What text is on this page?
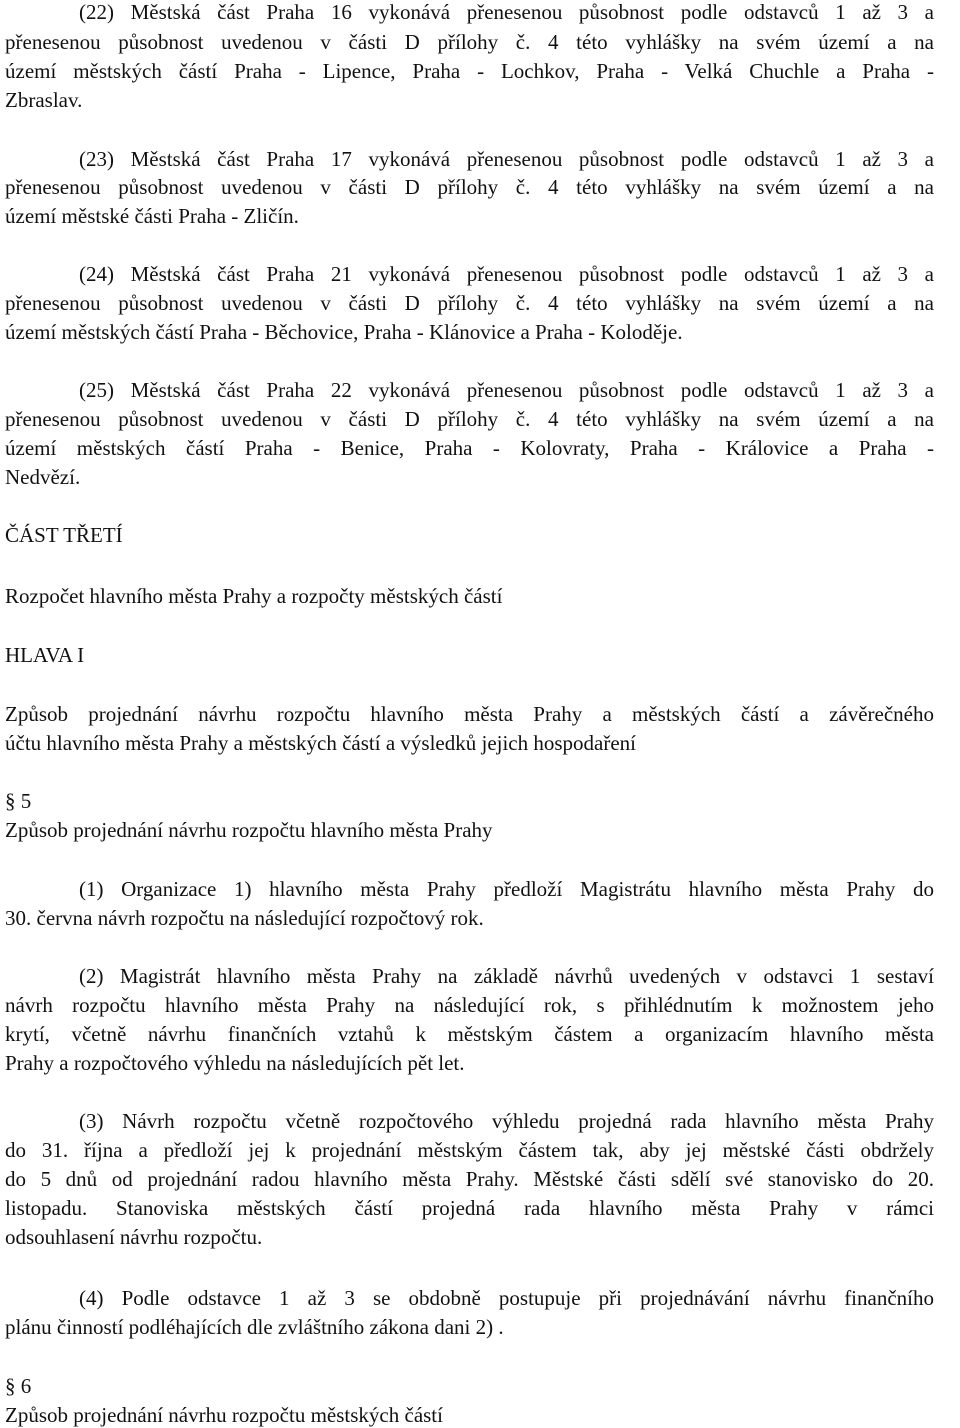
(22) Městská část Praha 16 vykonává přenesenou působnost podle odstavců 1 až 3 a
přenesenou působnost uvedenou v části D přílohy č. 4 této vyhlášky na svém území a na
území městských částí Praha - Lipence, Praha - Lochkov, Praha - Velká Chuchle a Praha -
Zbraslav.
(23) Městská část Praha 17 vykonává přenesenou působnost podle odstavců 1 až 3 a
přenesenou působnost uvedenou v části D přílohy č. 4 této vyhlášky na svém území a na
území městské části Praha - Zličín.
(24) Městská část Praha 21 vykonává přenesenou působnost podle odstavců 1 až 3 a
přenesenou působnost uvedenou v části D přílohy č. 4 této vyhlášky na svém území a na
území městských částí Praha - Běchovice, Praha - Klánovice a Praha - Koloděje.
(25) Městská část Praha 22 vykonává přenesenou působnost podle odstavců 1 až 3 a
přenesenou působnost uvedenou v části D přílohy č. 4 této vyhlášky na svém území a na
území městských částí Praha - Benice, Praha - Kolovraty, Praha - Královice a Praha -
Nedvězí.
ČÁST TŘETÍ
Rozpočet hlavního města Prahy a rozpočty městských částí
HLAVA I
Způsob projednání návrhu rozpočtu hlavního města Prahy a městských částí a závěrečného
účtu hlavního města Prahy a městských částí a výsledků jejich hospodaření
§ 5
Způsob projednání návrhu rozpočtu hlavního města Prahy
(1) Organizace 1) hlavního města Prahy předloží Magistrátu hlavního města Prahy do
30. června návrh rozpočtu na následující rozpočtový rok.
(2) Magistrát hlavního města Prahy na základě návrhů uvedených v odstavci 1 sestaví
návrh rozpočtu hlavního města Prahy na následující rok, s přihlédnutím k možnostem jeho
krytí, včetně návrhu finančních vztahů k městským částem a organizacím hlavního města
Prahy a rozpočtového výhledu na následujících pět let.
(3) Návrh rozpočtu včetně rozpočtového výhledu projedná rada hlavního města Prahy
do 31. října a předloží jej k projednání městským částem tak, aby jej městské části obdržely
do 5 dnů od projednání radou hlavního města Prahy. Městské části sdělí své stanovisko do 20.
listopadu. Stanoviska městských částí projedná rada hlavního města Prahy v rámci
odsouhlasení návrhu rozpočtu.
(4) Podle odstavce 1 až 3 se obdobně postupuje při projednávání návrhu finančního
plánu činností podléhajících dle zvláštního zákona dani 2) .
§ 6
Způsob projednání návrhu rozpočtu městských částí
